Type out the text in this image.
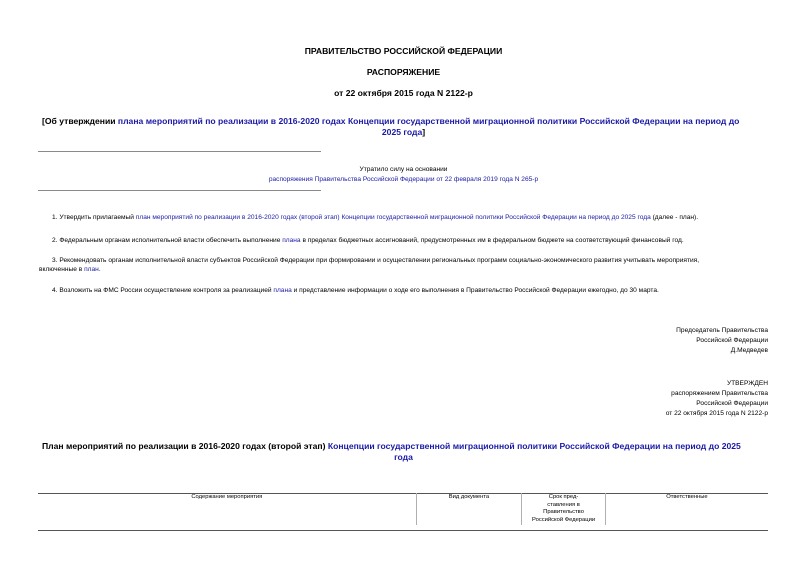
ПРАВИТЕЛЬСТВО РОССИЙСКОЙ ФЕДЕРАЦИИ
РАСПОРЯЖЕНИЕ
от 22 октября 2015 года N 2122-р
[Об утверждении плана мероприятий по реализации в 2016-2020 годах Концепции государственной миграционной политики Российской Федерации на период до
2025 года]
Утратило силу на основании
распоряжения Правительства Российской Федерации от 22 февраля 2019 года N 265-р
1. Утвердить прилагаемый план мероприятий по реализации в 2016-2020 годах (второй этап) Концепции государственной миграционной политики Российской Федерации на период до 2025 года (далее - план).
2. Федеральным органам исполнительной власти обеспечить выполнение плана в пределах бюджетных ассигнований, предусмотренных им в федеральном бюджете на соответствующий финансовый год.
3. Рекомендовать органам исполнительной власти субъектов Российской Федерации при формировании и осуществлении региональных программ социально-экономического развития учитывать мероприятия,
включенные в план.
4. Возложить на ФМС России осуществление контроля за реализацией плана и представление информации о ходе его выполнения в Правительство Российской Федерации ежегодно, до 30 марта.
Председатель Правительства
Российской Федерации
Д.Медведев
УТВЕРЖДЕН
распоряжением Правительства
Российской Федерации
от 22 октября 2015 года N 2122-р
План мероприятий по реализации в 2016-2020 годах (второй этап) Концепции государственной миграционной политики Российской Федерации на период до 2025
года
Содержание мероприятия	Вид документа	Срок пред-
ставления в
Правительство
Российской Федерации	Ответственные
